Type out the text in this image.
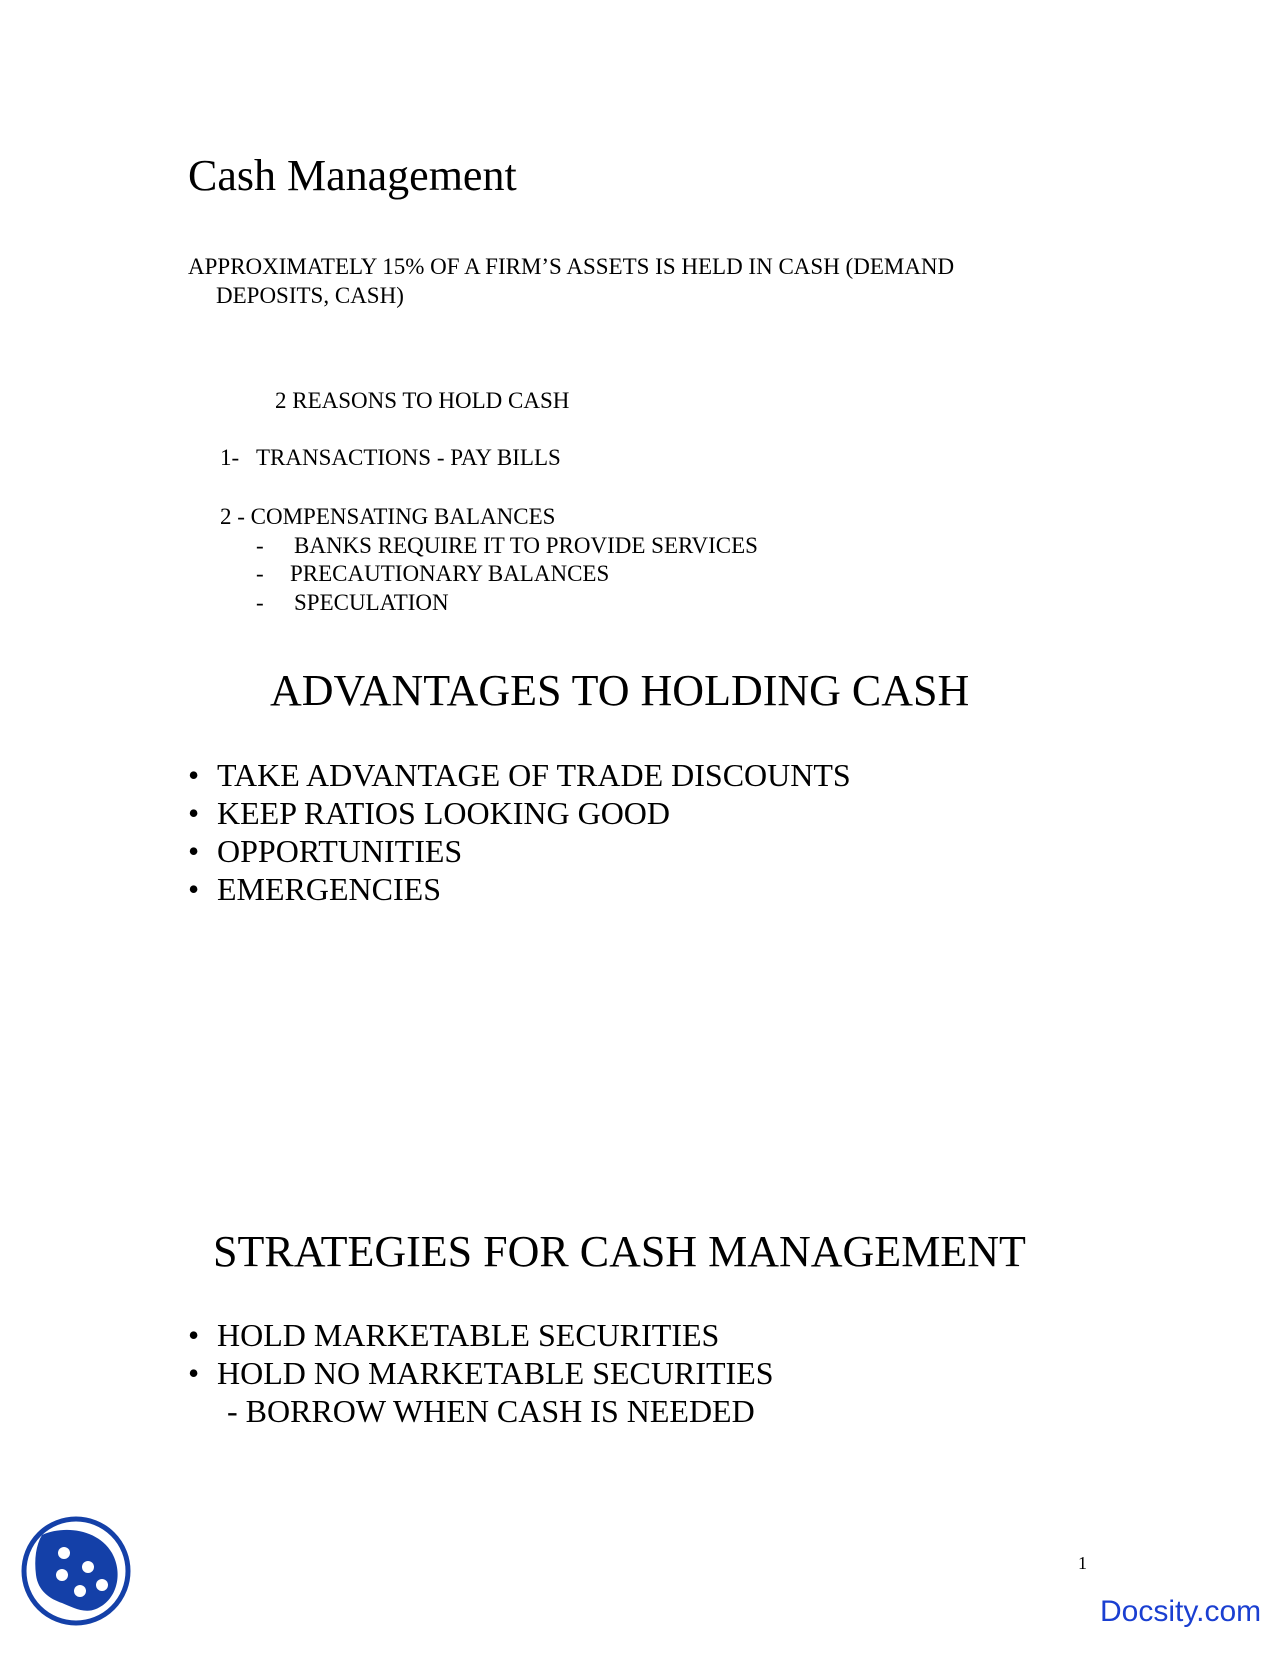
Cash Management
APPROXIMATELY 15% OF A FIRM’S ASSETS IS HELD IN CASH (DEMAND
DEPOSITS, CASH)
2 REASONS TO HOLD CASH
1- TRANSACTIONS - PAY BILLS
2 - COMPENSATING BALANCES
- BANKS REQUIRE IT TO PROVIDE SERVICES
- PRECAUTIONARY BALANCES
- SPECULATION
ADVANTAGES TO HOLDING CASH
• TAKE ADVANTAGE OF TRADE DISCOUNTS
• KEEP RATIOS LOOKING GOOD
• OPPORTUNITIES
• EMERGENCIES
STRATEGIES FOR CASH MANAGEMENT
• HOLD MARKETABLE SECURITIES
• HOLD NO MARKETABLE SECURITIES
- BORROW WHEN CASH IS NEEDED
1
Docsity.com
